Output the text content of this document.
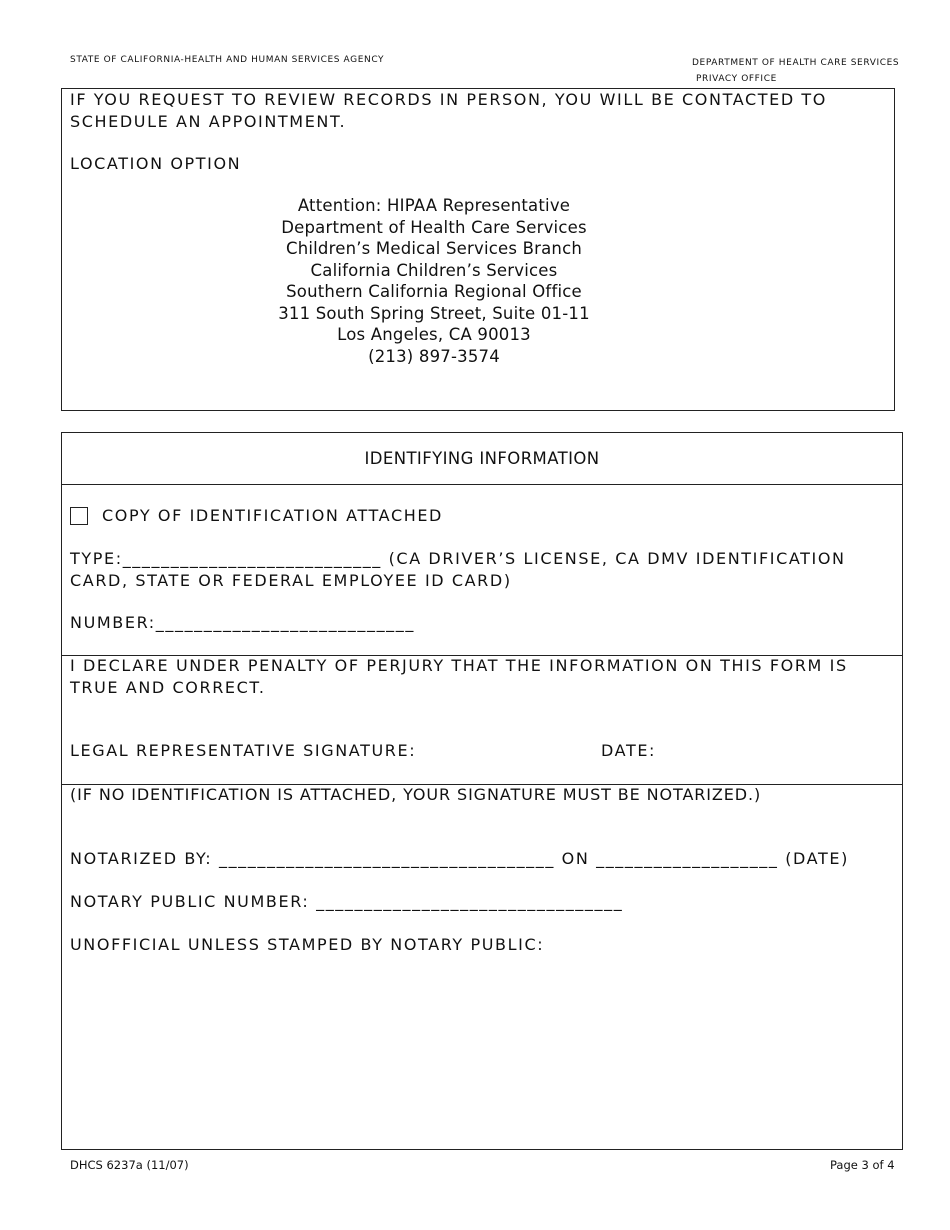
STATE OF CALIFORNIA-HEALTH AND HUMAN SERVICES AGENCY	DEPARTMENT OF HEALTH CARE SERVICES
PRIVACY OFFICE

IF YOU REQUEST TO REVIEW RECORDS IN PERSON, YOU WILL BE CONTACTED TO

SCHEDULE AN APPOINTMENT.

LOCATION OPTION

Attention: HIPAA Representative
Department of Health Care Services
Children’s Medical Services Branch
California Children’s Services
Southern California Regional Office
311 South Spring Street, Suite 01-11
Los Angeles, CA 90013
(213) 897-3574
IDENTIFYING INFORMATION

COPY OF IDENTIFICATION ATTACHED

TYPE:___________________________ (CA DRIVER’S LICENSE, CA DMV IDENTIFICATION

CARD, STATE OR FEDERAL EMPLOYEE ID CARD)

NUMBER:___________________________

I DECLARE UNDER PENALTY OF PERJURY THAT THE INFORMATION ON THIS FORM IS

TRUE AND CORRECT.

LEGAL REPRESENTATIVE SIGNATURE:	DATE:

(IF NO IDENTIFICATION IS ATTACHED, YOUR SIGNATURE MUST BE NOTARIZED.)

NOTARIZED BY: ___________________________________ ON ___________________ (DATE)

NOTARY PUBLIC NUMBER: ________________________________

UNOFFICIAL UNLESS STAMPED BY NOTARY PUBLIC:

DHCS 6237a (11/07)	Page 3 of 4
